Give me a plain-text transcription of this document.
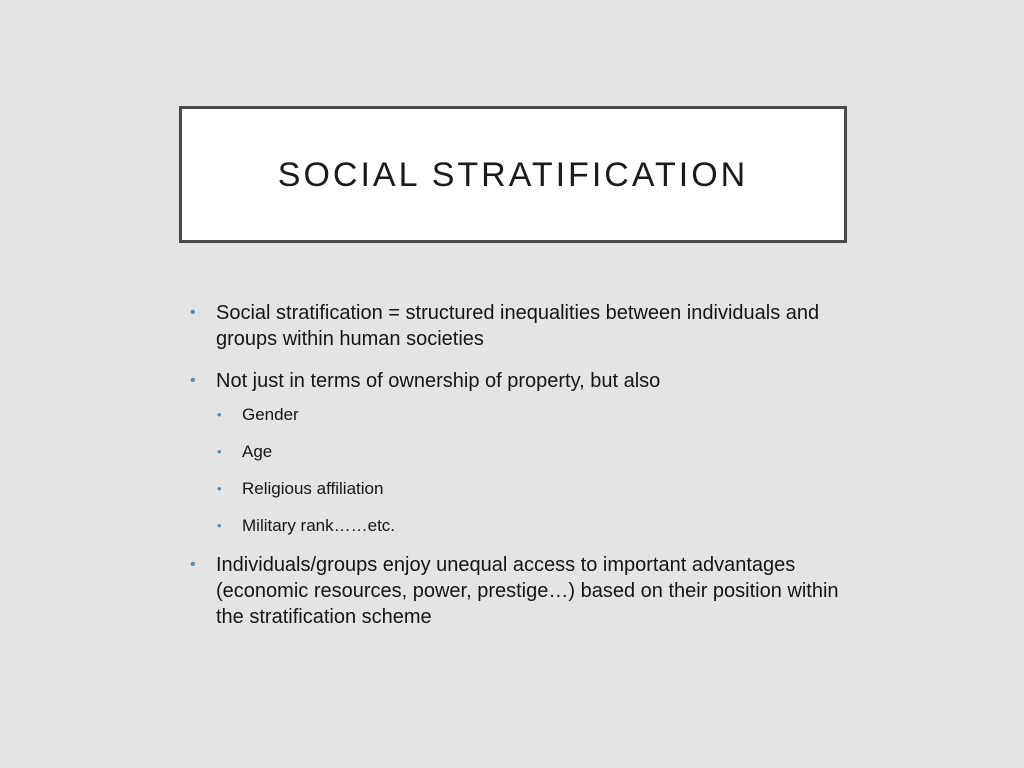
SOCIAL STRATIFICATION
• Social stratification = structured inequalities between individuals and groups within human societies
• Not just in terms of ownership of property, but also
• Gender
• Age
• Religious affiliation
• Military rank……etc.
• Individuals/groups enjoy unequal access to important advantages (economic resources, power, prestige…) based on their position within the stratification scheme
